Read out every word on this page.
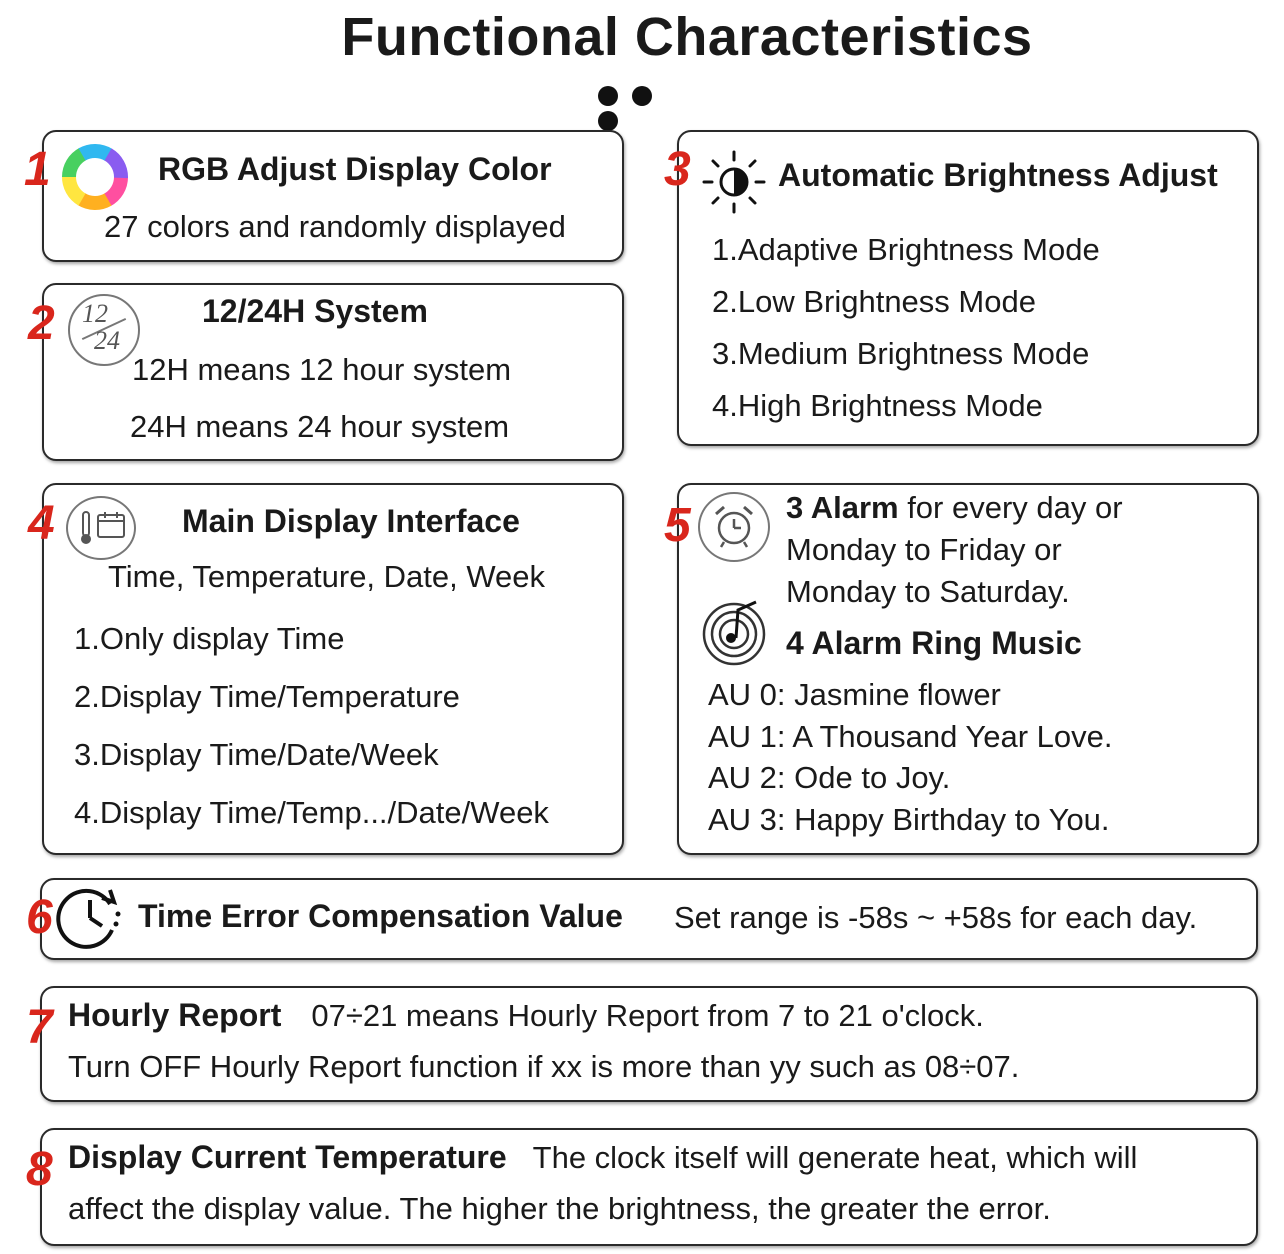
Functional Characteristics
1	RGB Adjust Display Color
27 colors and randomly displayed
2 12
24
12/24H System
12H means 12 hour system
24H means 24 hour system
3	Automatic Brightness Adjust
1.Adaptive Brightness Mode
2.Low Brightness Mode
3.Medium Brightness Mode
4.High Brightness Mode
4	Main Display Interface
Time, Temperature, Date, Week
1.Only display Time
2.Display Time/Temperature
3.Display Time/Date/Week
4.Display Time/Temp.../Date/Week
5	3 Alarm for every day or
Monday to Friday or
Monday to Saturday.
4 Alarm Ring Music
AU 0: Jasmine flower
AU 1: A Thousand Year Love.
AU 2: Ode to Joy.
AU 3: Happy Birthday to You.
6	Time Error Compensation Value Set range is -58s ~ +58s for each day.
7 Hourly Report 07÷21 means Hourly Report from 7 to 21 o'clock.
Turn OFF Hourly Report function if xx is more than yy such as 08÷07.
8 Display Current Temperature The clock itself will generate heat, which will
affect the display value. The higher the brightness, the greater the error.
